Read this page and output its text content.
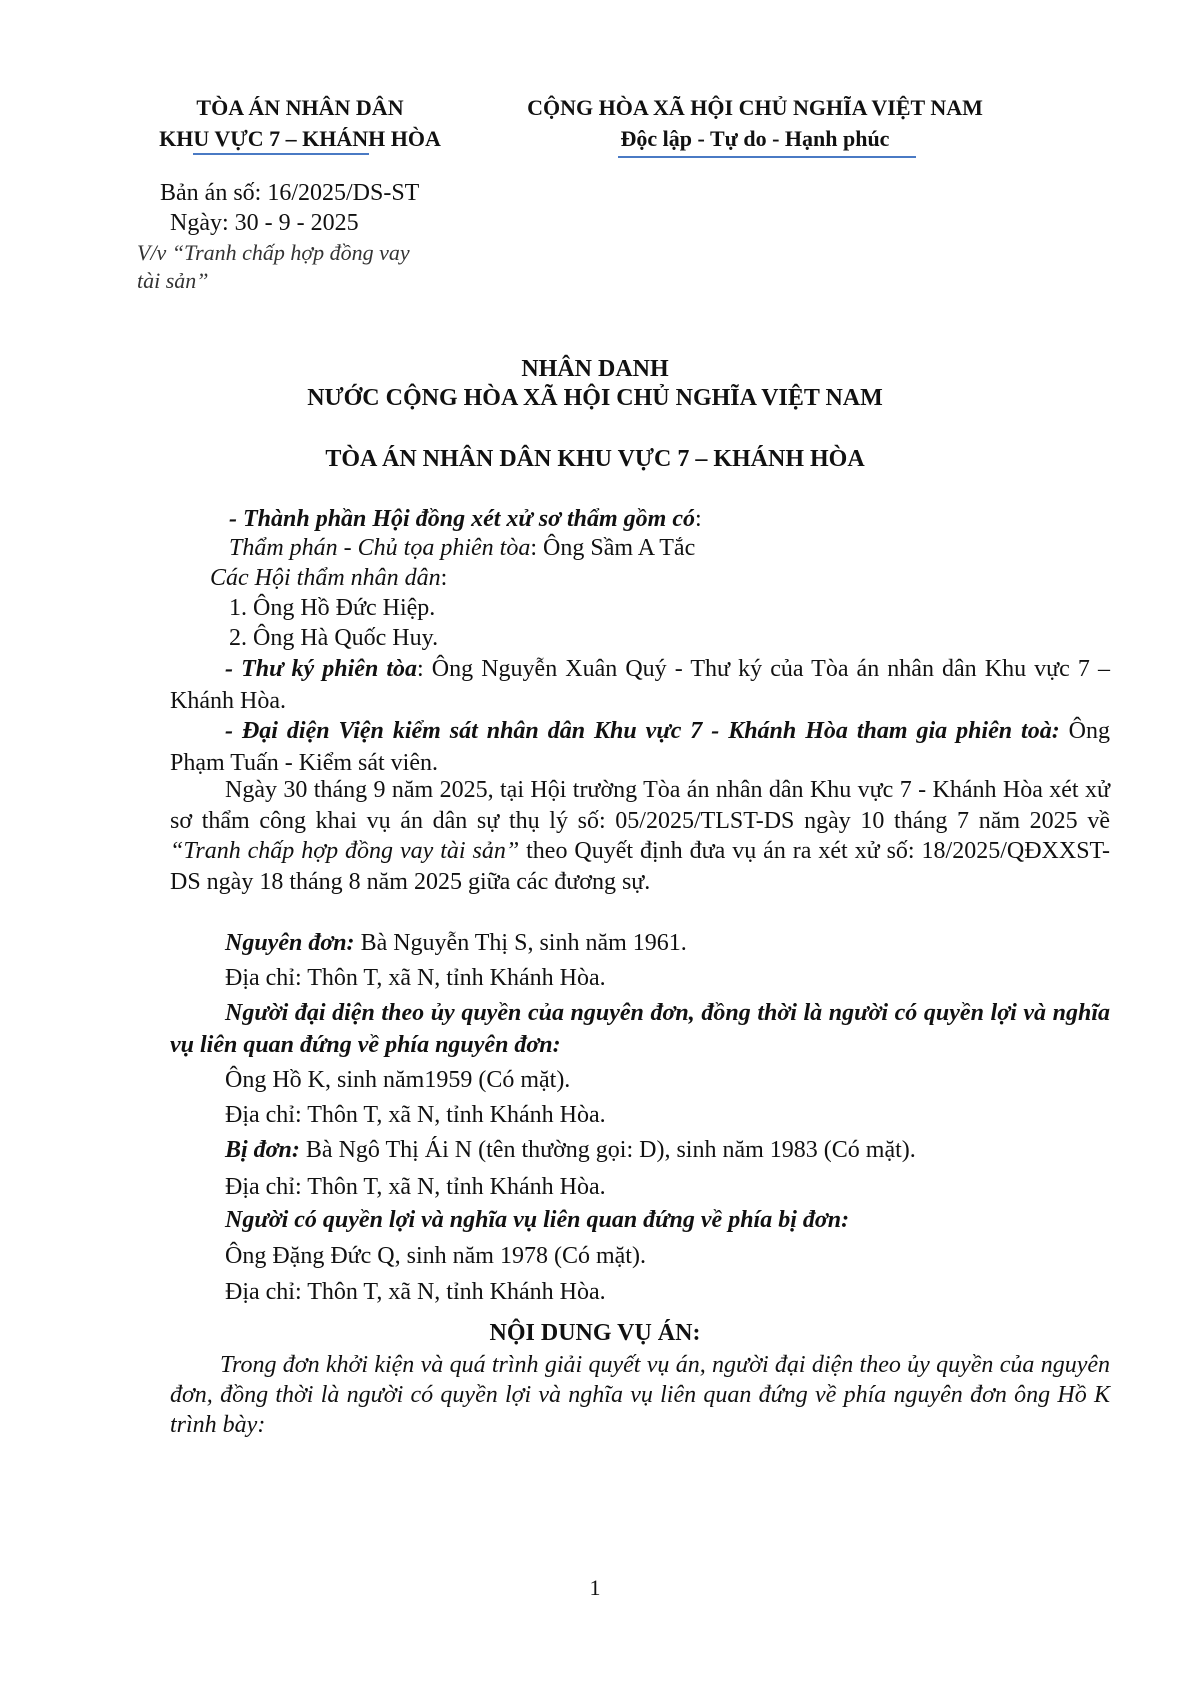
TÒA ÁN NHÂN DÂN
KHU VỰC 7 – KHÁNH HÒA
CỘNG HÒA XÃ HỘI CHỦ NGHĨA VIỆT NAM
Độc lập - Tự do - Hạnh phúc
Bản án số: 16/2025/DS-ST
Ngày: 30 - 9 - 2025
V/v “Tranh chấp hợp đồng vay
tài sản”
NHÂN DANH
NƯỚC CỘNG HÒA XÃ HỘI CHỦ NGHĨA VIỆT NAM
TÒA ÁN NHÂN DÂN KHU VỰC 7 – KHÁNH HÒA
- Thành phần Hội đồng xét xử sơ thẩm gồm có:
Thẩm phán - Chủ tọa phiên tòa: Ông Sầm A Tắc
Các Hội thẩm nhân dân:
1. Ông Hồ Đức Hiệp.
2. Ông Hà Quốc Huy.
- Thư ký phiên tòa: Ông Nguyễn Xuân Quý - Thư ký của Tòa án nhân dân Khu vực 7 – Khánh Hòa.
- Đại diện Viện kiểm sát nhân dân Khu vực 7 - Khánh Hòa tham gia phiên toà: Ông Phạm Tuấn - Kiểm sát viên.
Ngày 30 tháng 9 năm 2025, tại Hội trường Tòa án nhân dân Khu vực 7 - Khánh Hòa xét xử sơ thẩm công khai vụ án dân sự thụ lý số: 05/2025/TLST-DS ngày 10 tháng 7 năm 2025 về “Tranh chấp hợp đồng vay tài sản” theo Quyết định đưa vụ án ra xét xử số: 18/2025/QĐXXST-DS ngày 18 tháng 8 năm 2025 giữa các đương sự.
Nguyên đơn: Bà Nguyễn Thị S, sinh năm 1961.
Địa chỉ: Thôn T, xã N, tỉnh Khánh Hòa.
Người đại diện theo ủy quyền của nguyên đơn, đồng thời là người có quyền lợi và nghĩa vụ liên quan đứng về phía nguyên đơn:
Ông Hồ K, sinh năm1959 (Có mặt).
Địa chỉ: Thôn T, xã N, tỉnh Khánh Hòa.
Bị đơn: Bà Ngô Thị Ái N (tên thường gọi: D), sinh năm 1983 (Có mặt).
Địa chỉ: Thôn T, xã N, tỉnh Khánh Hòa.
Người có quyền lợi và nghĩa vụ liên quan đứng về phía bị đơn:
Ông Đặng Đức Q, sinh năm 1978 (Có mặt).
Địa chỉ: Thôn T, xã N, tỉnh Khánh Hòa.
NỘI DUNG VỤ ÁN:
Trong đơn khởi kiện và quá trình giải quyết vụ án, người đại diện theo ủy quyền của nguyên đơn, đồng thời là người có quyền lợi và nghĩa vụ liên quan đứng về phía nguyên đơn ông Hồ K trình bày:
1
